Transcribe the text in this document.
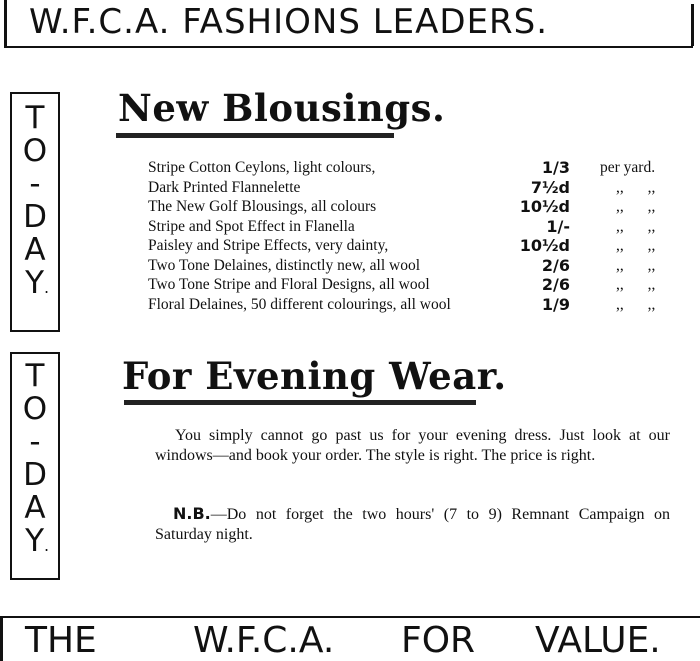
W.F.C.A. FASHIONS LEADERS.
T
O
-
D
A
Y.
New Blousings.
Stripe Cotton Ceylons, light colours,	1/3 per yard.
Dark Printed Flannelette	7½d	,, ,,
The New Golf Blousings, all colours	10½d	,, ,,
Stripe and Spot Effect in Flanella	1/-	,, ,,
Paisley and Stripe Effects, very dainty,	10½d	,, ,,
Two Tone Delaines, distinctly new, all wool	2/6	,, ,,
Two Tone Stripe and Floral Designs, all wool	2/6	,, ,,
Floral Delaines, 50 different colourings, all wool	1/9	,, ,,
T
O
-
D
A
Y.
For Evening Wear.
You simply cannot go past us for your evening dress. Just look at our windows—and book your order. The style is right. The price is right.
N.B.—Do not forget the two hours' (7 to 9) Remnant Campaign on Saturday night.
THE	W.F.C.A. FOR VALUE.
